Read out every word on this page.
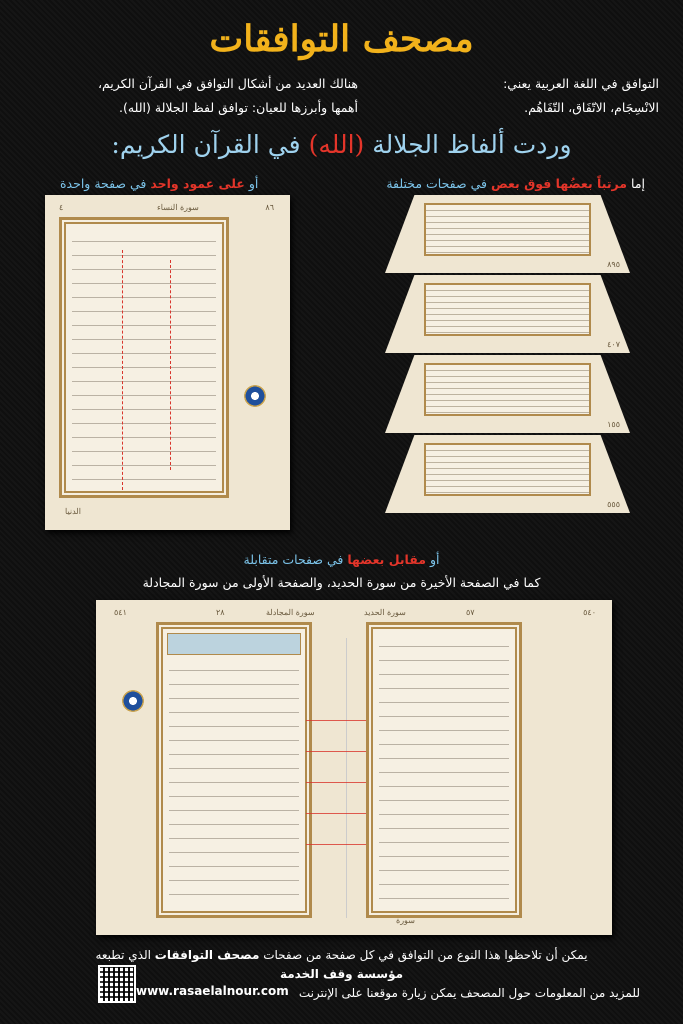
مصحف التوافقات
التوافق في اللغة العربية يعني:
الانْسِجَام، الاتّفَاق، التّفَاهُم.
هنالك العديد من أشكال التوافق في القرآن الكريم،
أهمها وأبرزها للعيان: توافق لفظ الجلالة (الله).
وردت ألفاظ الجلالة (الله) في القرآن الكريم:
إما مرتباً بعضُها فوق بعض في صفحات مختلفة
أو على عمود واحد في صفحة واحدة
٨٦
سورة النساء
٤
الدنيا
٨٩٥
٤٠٧
١٥٥
٥٥٥
أو مقابل بعضها في صفحات متقابلة
كما في الصفحة الأخيرة من سورة الحديد، والصفحة الأولى من سورة المجادلة
٥٤١	٢٨	سورة المجادلة	سورة الحديد	٥٧	٥٤٠
سورة
يمكن أن تلاحظوا هذا النوع من التوافق في كل صفحة من صفحات مصحف التوافقات الذي تطبعه
مؤسسة وقف الخدمة
للمزيد من المعلومات حول المصحف يمكن زيارة موقعنا على الإنترنت
www.rasaelalnour.com
